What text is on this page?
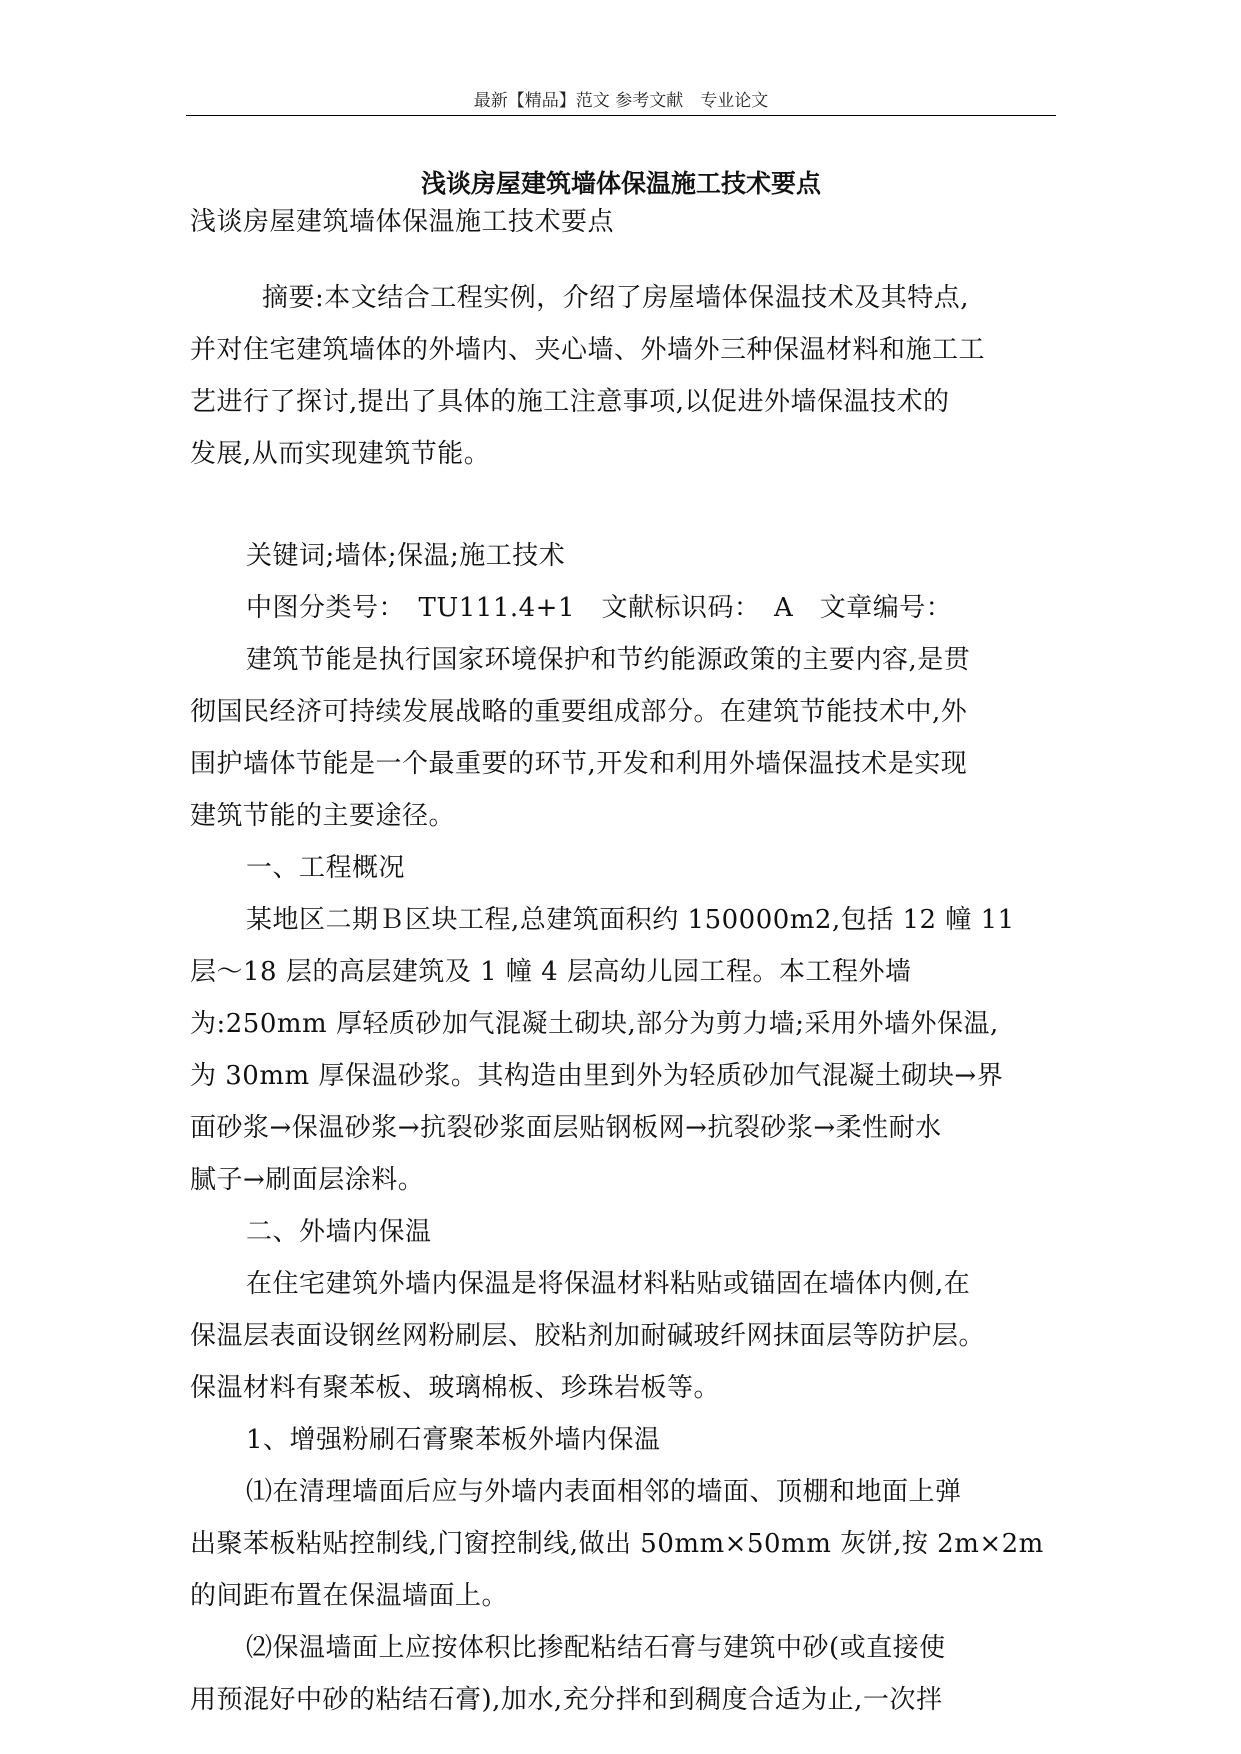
最新【精品】范文 参考文献　专业论文
浅谈房屋建筑墙体保温施工技术要点
浅谈房屋建筑墙体保温施工技术要点
摘要:本文结合工程实例，介绍了房屋墙体保温技术及其特点,
并对住宅建筑墙体的外墙内、夹心墙、外墙外三种保温材料和施工工
艺进行了探讨,提出了具体的施工注意事项,以促进外墙保温技术的
发展,从而实现建筑节能。
关键词;墙体;保温;施工技术
中图分类号：　TU111.4+1　文献标识码：　A　文章编号：
建筑节能是执行国家环境保护和节约能源政策的主要内容,是贯
彻国民经济可持续发展战略的重要组成部分。在建筑节能技术中,外
围护墙体节能是一个最重要的环节,开发和利用外墙保温技术是实现
建筑节能的主要途径。
一、工程概况
某地区二期Ｂ区块工程,总建筑面积约 150000m2,包括 12 幢 11
层～18 层的高层建筑及 1 幢 4 层高幼儿园工程。本工程外墙
为:250mm 厚轻质砂加气混凝土砌块,部分为剪力墙;采用外墙外保温,
为 30mm 厚保温砂浆。其构造由里到外为轻质砂加气混凝土砌块→界
面砂浆→保温砂浆→抗裂砂浆面层贴钢板网→抗裂砂浆→柔性耐水
腻子→刷面层涂料。
二、外墙内保温
在住宅建筑外墙内保温是将保温材料粘贴或锚固在墙体内侧,在
保温层表面设钢丝网粉刷层、胶粘剂加耐碱玻纤网抹面层等防护层。
保温材料有聚苯板、玻璃棉板、珍珠岩板等。
1、增强粉刷石膏聚苯板外墙内保温
⑴在清理墙面后应与外墙内表面相邻的墙面、顶棚和地面上弹
出聚苯板粘贴控制线,门窗控制线,做出 50mm×50mm 灰饼,按 2m×2m
的间距布置在保温墙面上。
⑵保温墙面上应按体积比掺配粘结石膏与建筑中砂(或直接使
用预混好中砂的粘结石膏),加水,充分拌和到稠度合适为止,一次拌
